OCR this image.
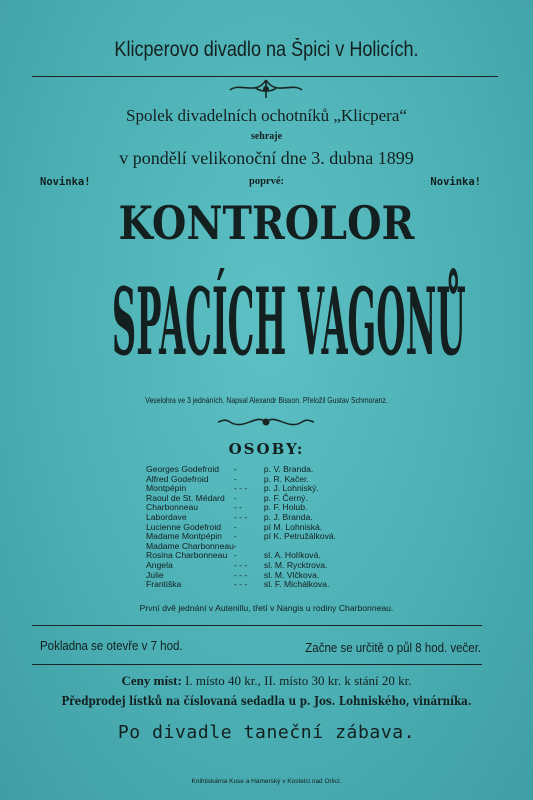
Klicperovo divadlo na Špici v Holicích.
Spolek divadelních ochotníků „Klicpera“
sehraje
v pondělí velikonoční dne 3. dubna 1899
Novinka!	poprvé:	Novinka!
KONTROLOR
SPACÍCH VAGONŮ
Veselohra ve 3 jednáních. Napsal Alexandr Bisson. Přeložil Gustav Schmoranz.
OSOBY:
Georges Godefroid	-	p. V. Branda.
Alfred Godefroid	-	p. R. Kačer.
Montpépin	- - -	p. J. Lohniský.
Raoul de St. Médard	-	p. F. Černý.
Charbonneau	- -	p. F. Holub.
Labordave	- - -	p. J. Branda.
Lucienne Godefroid	-	pí M. Lohniská.
Madame Montpépin	-	pí K. Petružálková.
Madame Charbonneau	-	
Rosina Charbonneau	-	sl. A. Holíková.
Angela	- - -	sl. M. Rycktrova.
Julie	- - -	sl. M. Vlčkova.
Františka	- - -	sl. F. Michálkova.
První dvě jednání v Autenillu, třetí v Nangis u rodiny Charbonneau.
Pokladna se otevře v 7 hod.	Začne se určitě o půl 8 hod. večer.
Ceny míst: I. místo 40 kr., II. místo 30 kr. k stání 20 kr.
Předprodej lístků na číslovaná sedadla u p. Jos. Lohniského, vinárníka.
Po divadle taneční zábava.
Knihtiskárna Kuse a Hamerský v Kostelci nad Orlicí.
